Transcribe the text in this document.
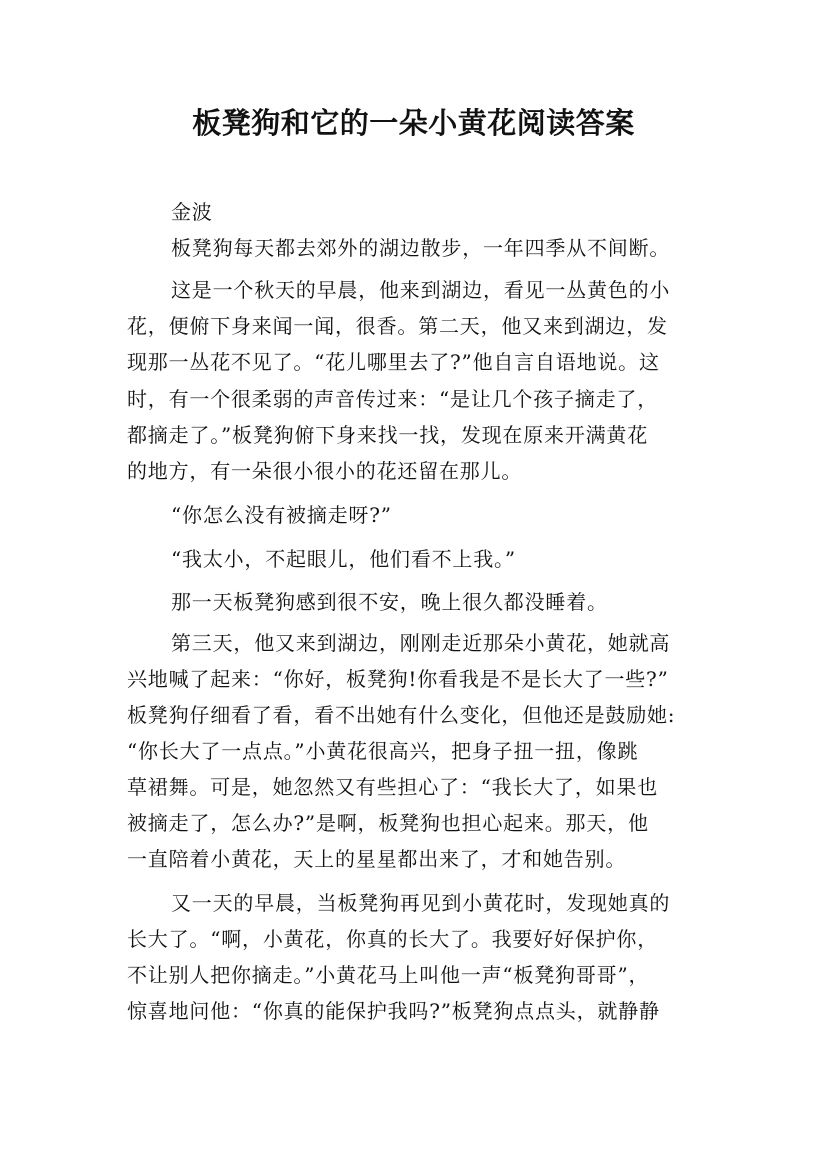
板凳狗和它的一朵小黄花阅读答案
金波
板凳狗每天都去郊外的湖边散步，一年四季从不间断。
这是一个秋天的早晨，他来到湖边，看见一丛黄色的小
花，便俯下身来闻一闻，很香。第二天，他又来到湖边，发
现那一丛花不见了。“花儿哪里去了?”他自言自语地说。这
时，有一个很柔弱的声音传过来：“是让几个孩子摘走了，
都摘走了。”板凳狗俯下身来找一找，发现在原来开满黄花
的地方，有一朵很小很小的花还留在那儿。
“你怎么没有被摘走呀?”
“我太小，不起眼儿，他们看不上我。”
那一天板凳狗感到很不安，晚上很久都没睡着。
第三天，他又来到湖边，刚刚走近那朵小黄花，她就高
兴地喊了起来：“你好，板凳狗!你看我是不是长大了一些?”
板凳狗仔细看了看，看不出她有什么变化，但他还是鼓励她:
“你长大了一点点。”小黄花很高兴，把身子扭一扭，像跳
草裙舞。可是，她忽然又有些担心了：“我长大了，如果也
被摘走了，怎么办?”是啊，板凳狗也担心起来。那天，他
一直陪着小黄花，天上的星星都出来了，才和她告别。
又一天的早晨，当板凳狗再见到小黄花时，发现她真的
长大了。“啊，小黄花，你真的长大了。我要好好保护你，
不让别人把你摘走。”小黄花马上叫他一声“板凳狗哥哥”，
惊喜地问他：“你真的能保护我吗?”板凳狗点点头，就静静
